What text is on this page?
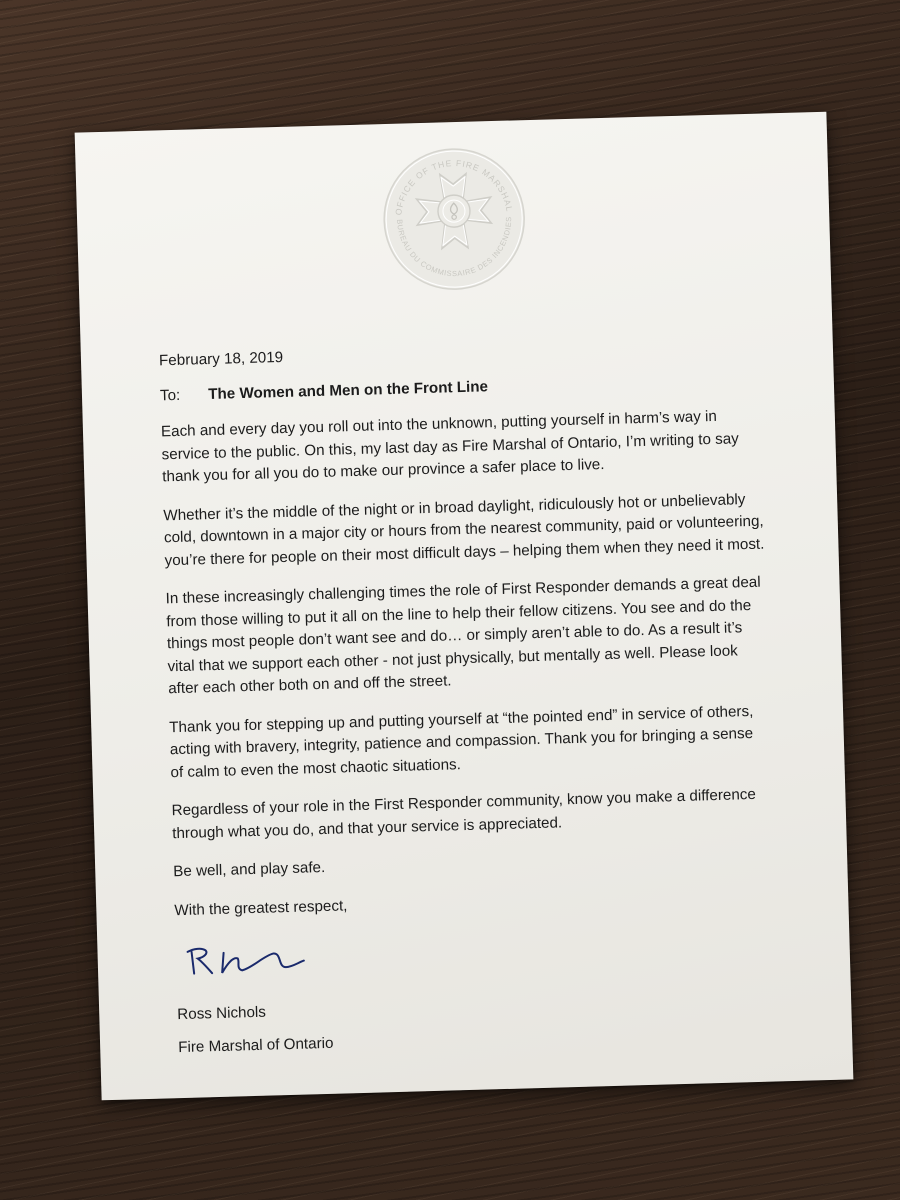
OFFICE OF THE FIRE MARSHAL
BUREAU DU COMMISSAIRE DES INCENDIES

February 18, 2019

To: The Women and Men on the Front Line

Each and every day you roll out into the unknown, putting yourself in harm’s way in service to the public. On this, my last day as Fire Marshal of Ontario, I’m writing to say thank you for all you do to make our province a safer place to live.

Whether it’s the middle of the night or in broad daylight, ridiculously hot or unbelievably cold, downtown in a major city or hours from the nearest community, paid or volunteering, you’re there for people on their most difficult days – helping them when they need it most.

In these increasingly challenging times the role of First Responder demands a great deal from those willing to put it all on the line to help their fellow citizens. You see and do the things most people don’t want see and do… or simply aren’t able to do. As a result it’s vital that we support each other - not just physically, but mentally as well. Please look after each other both on and off the street.

Thank you for stepping up and putting yourself at “the pointed end” in service of others, acting with bravery, integrity, patience and compassion. Thank you for bringing a sense of calm to even the most chaotic situations.

Regardless of your role in the First Responder community, know you make a difference through what you do, and that your service is appreciated.

Be well, and play safe.

With the greatest respect,

Ross Nichols

Fire Marshal of Ontario
